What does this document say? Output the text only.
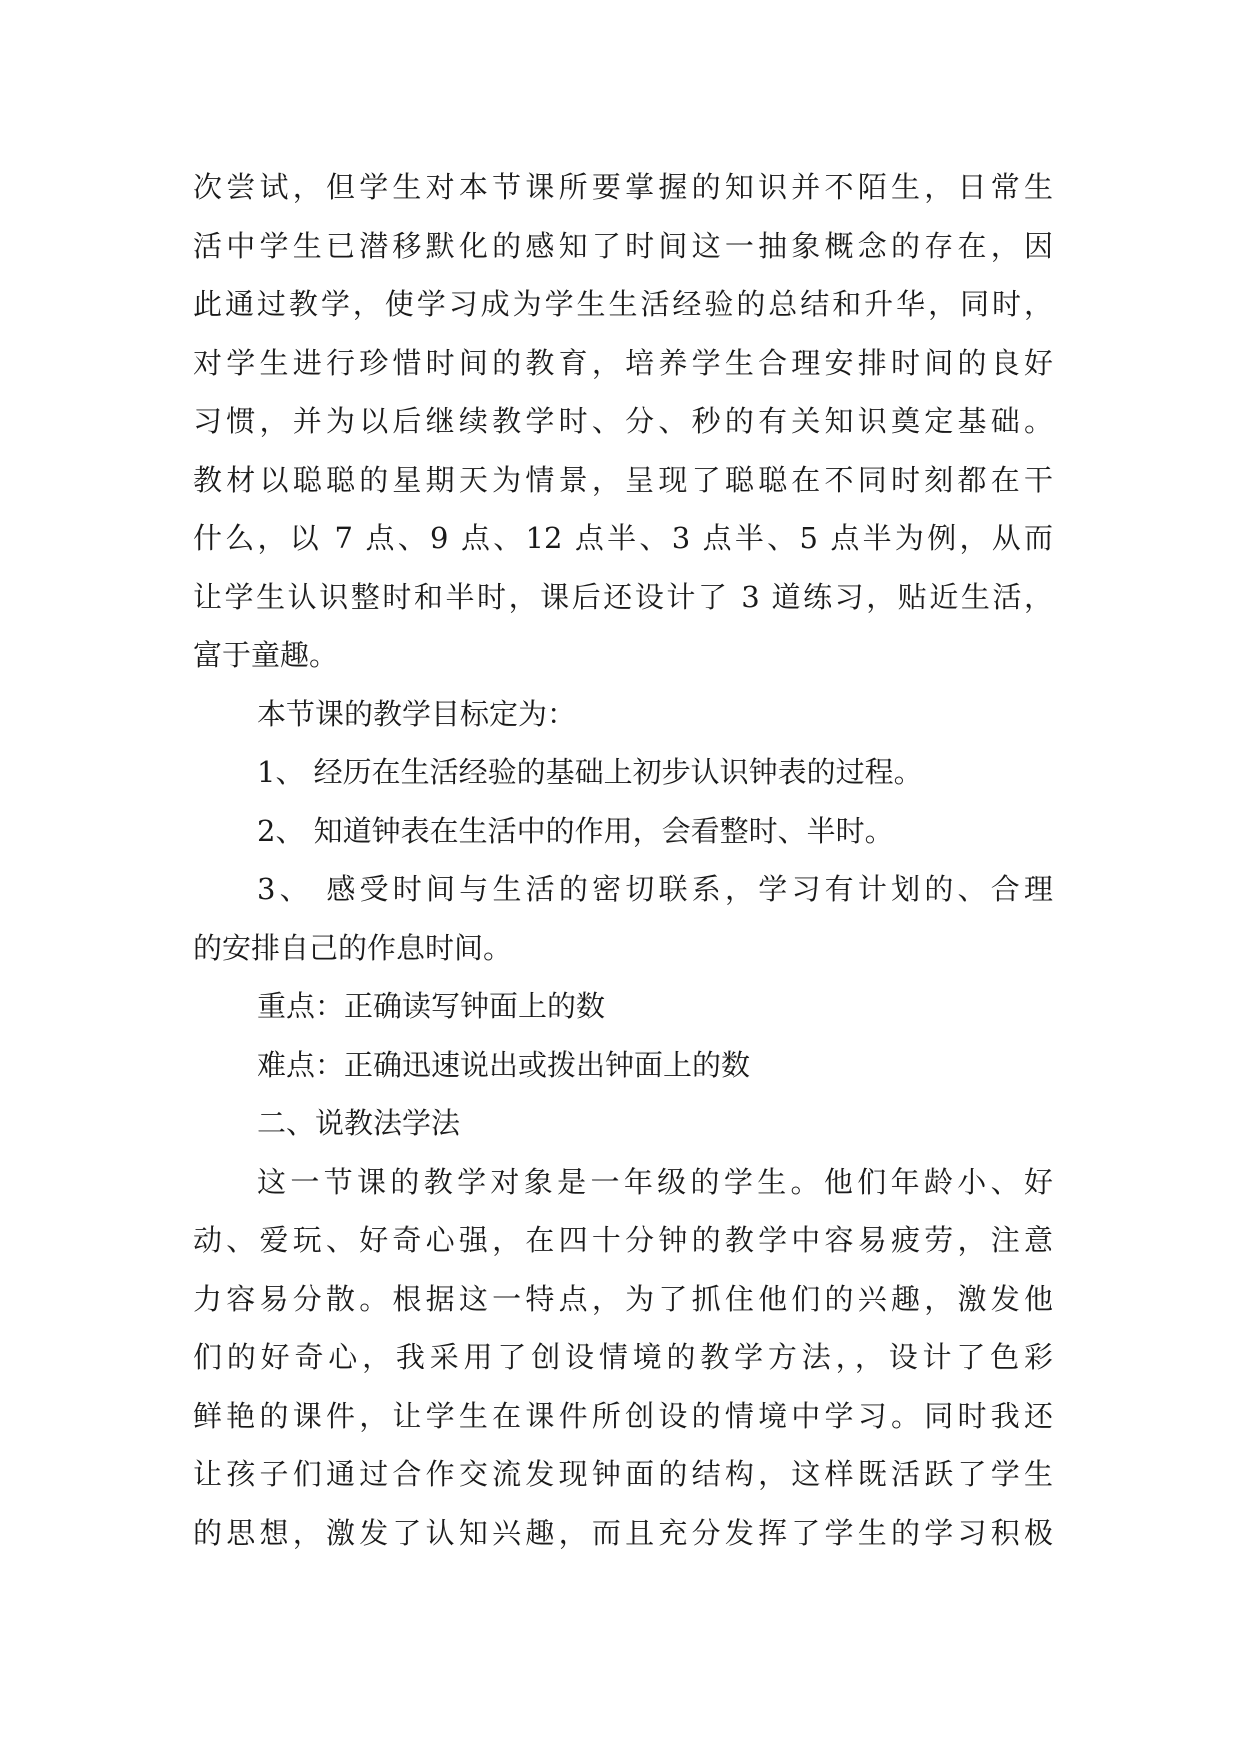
次尝试，但学生对本节课所要掌握的知识并不陌生，日常生
活中学生已潜移默化的感知了时间这一抽象概念的存在，因
此通过教学，使学习成为学生生活经验的总结和升华，同时，
对学生进行珍惜时间的教育，培养学生合理安排时间的良好
习惯，并为以后继续教学时、分、秒的有关知识奠定基础。
教材以聪聪的星期天为情景，呈现了聪聪在不同时刻都在干
什么，以 7 点、9 点、12 点半、3 点半、5 点半为例，从而
让学生认识整时和半时，课后还设计了 3 道练习，贴近生活，
富于童趣。
本节课的教学目标定为：
1、 经历在生活经验的基础上初步认识钟表的过程。
2、 知道钟表在生活中的作用，会看整时、半时。
3、 感受时间与生活的密切联系，学习有计划的、合理
的安排自己的作息时间。
重点：正确读写钟面上的数
难点：正确迅速说出或拨出钟面上的数
二、说教法学法
这一节课的教学对象是一年级的学生。他们年龄小、好
动、爱玩、好奇心强，在四十分钟的教学中容易疲劳，注意
力容易分散。根据这一特点，为了抓住他们的兴趣，激发他
们的好奇心，我采用了创设情境的教学方法，，设计了色彩
鲜艳的课件，让学生在课件所创设的情境中学习。同时我还
让孩子们通过合作交流发现钟面的结构，这样既活跃了学生
的思想，激发了认知兴趣，而且充分发挥了学生的学习积极
